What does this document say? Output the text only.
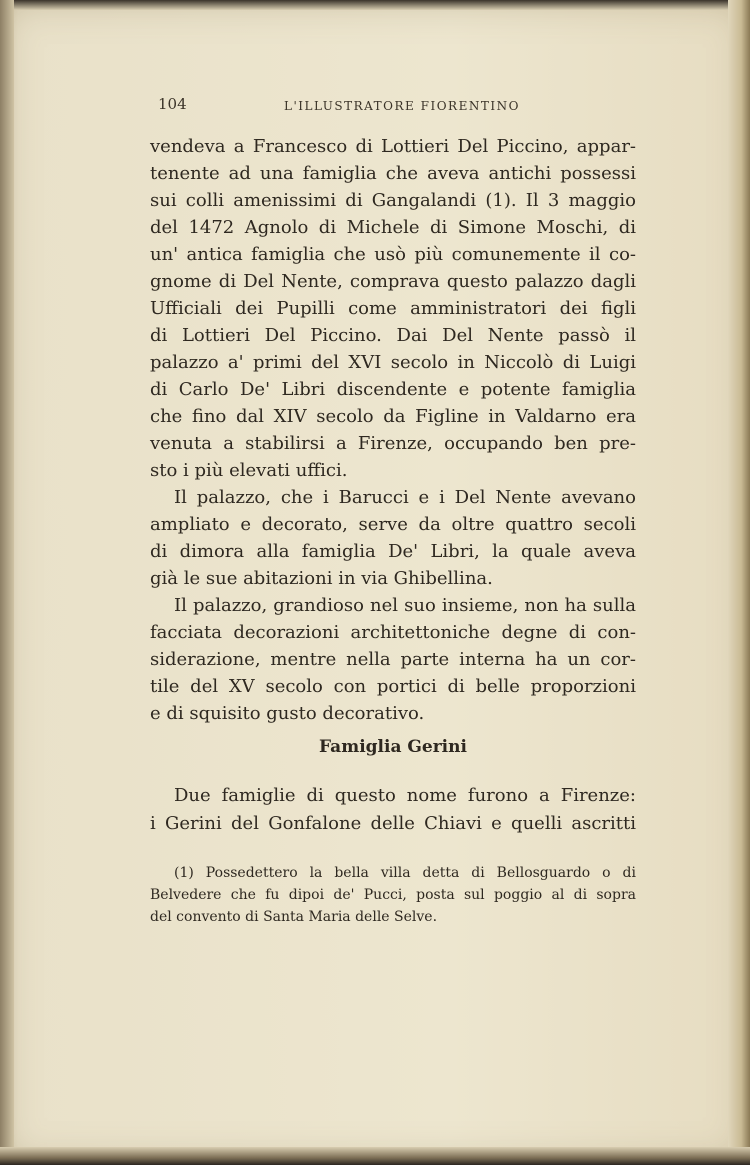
104	L'ILLUSTRATORE FIORENTINO
vendeva a Francesco di Lottieri Del Piccino, appar-
tenente ad una famiglia che aveva antichi possessi
sui colli amenissimi di Gangalandi (1). Il 3 maggio
del 1472 Agnolo di Michele di Simone Moschi, di
un' antica famiglia che usò più comunemente il co-
gnome di Del Nente, comprava questo palazzo dagli
Ufficiali dei Pupilli come amministratori dei figli
di Lottieri Del Piccino. Dai Del Nente passò il
palazzo a' primi del XVI secolo in Niccolò di Luigi
di Carlo De' Libri discendente e potente famiglia
che fino dal XIV secolo da Figline in Valdarno era
venuta a stabilirsi a Firenze, occupando ben pre-
sto i più elevati uffici.
Il palazzo, che i Barucci e i Del Nente avevano
ampliato e decorato, serve da oltre quattro secoli
di dimora alla famiglia De' Libri, la quale aveva
già le sue abitazioni in via Ghibellina.
Il palazzo, grandioso nel suo insieme, non ha sulla
facciata decorazioni architettoniche degne di con-
siderazione, mentre nella parte interna ha un cor-
tile del XV secolo con portici di belle proporzioni
e di squisito gusto decorativo.
Famiglia Gerini
Due famiglie di questo nome furono a Firenze:
i Gerini del Gonfalone delle Chiavi e quelli ascritti
(1) Possedettero la bella villa detta di Bellosguardo o di
Belvedere che fu dipoi de' Pucci, posta sul poggio al di sopra
del convento di Santa Maria delle Selve.
